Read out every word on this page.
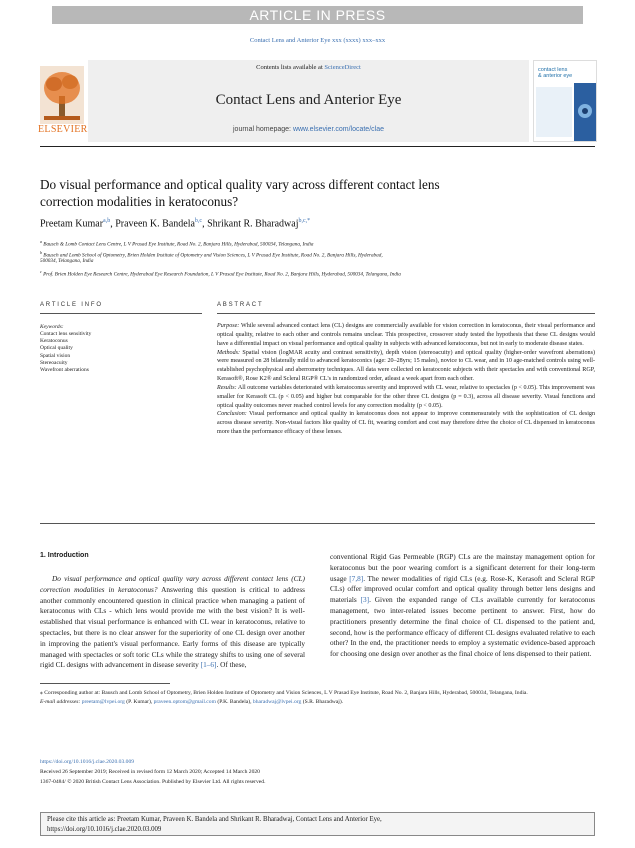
ARTICLE IN PRESS
Contact Lens and Anterior Eye xxx (xxxx) xxx–xxx
ELSEVIER
Contents lists available at ScienceDirect
Contact Lens and Anterior Eye
journal homepage: www.elsevier.com/locate/clae
contact lens
& anterior eye
Do visual performance and optical quality vary across different contact lens
correction modalities in keratoconus?
Preetam Kumar$^{a,b}$, Praveen K. Bandela$^{b,c}$, Shrikant R. Bharadwaj$^{b,c,*}$
$^a$ Bausch & Lomb Contact Lens Centre, L V Prasad Eye Institute, Road No. 2, Banjara Hills, Hyderabad, 500034, Telangana, India
$^b$ Bausch and Lomb School of Optometry, Brien Holden Institute of Optometry and Vision Sciences, L V Prasad Eye Institute, Road No. 2, Banjara Hills, Hyderabad,
500034, Telangana, India
$^c$ Prof. Brien Holden Eye Research Centre, Hyderabad Eye Research Foundation, L V Prasad Eye Institute, Road No. 2, Banjara Hills, Hyderabad, 500034, Telangana, India
ARTICLE INFO	ABSTRACT
Keywords:
Contact lens sensitivity
Keratoconus
Optical quality
Spatial vision
Stereoacuity
Wavefront aberrations

Purpose: While several advanced contact lens (CL) designs are commercially available for vision correction in keratoconus, their visual performance and optical quality, relative to each other and controls remains unclear. This prospective, crossover study tested the hypothesis that these CL designs would have a differential impact on visual performance and optical quality in subjects with advanced keratoconus, but not in early to moderate disease states.

Methods: Spatial vision (logMAR acuity and contrast sensitivity), depth vision (stereoacuity) and optical quality (higher-order wavefront aberrations) were measured on 28 bilaterally mild to advanced keratoconics (age: 20–28yrs; 15 males), novice to CL wear, and in 10 age-matched controls using well-established psychophysical and aberrometry techniques. All data were collected on keratoconic subjects with their spectacles and with conventional RGP, Kerasoft®, Rose K2® and Scleral RGP® CL's in randomized order, atleast a week apart from each other.

Results: All outcome variables deteriorated with keratoconus severity and improved with CL wear, relative to spectacles (p < 0.05). This improvement was smaller for Kerasoft CL (p < 0.05) and higher but comparable for the other three CL designs (p = 0.3), across all disease severity. Visual functions and optical quality outcomes never reached control levels for any correction modality (p < 0.05).

Conclusion: Visual performance and optical quality in keratoconus does not appear to improve commensurately with the sophistication of CL design across disease severity. Non-visual factors like quality of CL fit, wearing comfort and cost may therefore drive the choice of CL dispensed in keratoconus more than the performance efficacy of these lenses.

1. Introduction

Do visual performance and optical quality vary across different contact lens (CL) correction modalities in keratoconus? Answering this question is critical to address another commonly encountered question in clinical practice when managing a patient of keratoconus with CLs - which lens would provide me with the best vision? It is well-established that visual performance is enhanced with CL wear in keratoconus, relative to spectacles, but there is no clear answer for the superiority of one CL design over another in improving the patient's visual performance. Early forms of this disease are typically managed with spectacles or soft toric CLs while the strategy shifts to using one of several rigid CL designs with advancement in disease severity [1–6]. Of these,

conventional Rigid Gas Permeable (RGP) CLs are the mainstay management option for keratoconus but the poor wearing comfort is a significant deterrent for their long-term usage [7,8]. The newer modalities of rigid CLs (e.g. Rose-K, Kerasoft and Scleral RGP CLs) offer improved ocular comfort and optical quality through better lens designs and materials [3]. Given the expanded range of CLs available currently for keratoconus management, two inter-related issues become pertinent to answer. First, how do practitioners presently determine the final choice of CL dispensed to the patient and, second, how is the performance efficacy of different CL designs evaluated relative to each other? In the end, the practitioner needs to employ a systematic evidence-based approach for choosing one design over another as the final choice of lens dispensed to their patient.

⁎ Corresponding author at: Bausch and Lomb School of Optometry, Brien Holden Institute of Optometry and Vision Sciences, L V Prasad Eye Institute, Road No. 2, Banjara Hills, Hyderabad, 500034, Telangana, India.
E-mail addresses: preetam@lvpei.org (P. Kumar), praveen.optom@gmail.com (P.K. Bandela), bharadwaj@lvpei.org (S.R. Bharadwaj).
https://doi.org/10.1016/j.clae.2020.03.009
Received 26 September 2019; Received in revised form 12 March 2020; Accepted 14 March 2020
1367-0484/ © 2020 British Contact Lens Association. Published by Elsevier Ltd. All rights reserved.
Please cite this article as: Preetam Kumar, Praveen K. Bandela and Shrikant R. Bharadwaj, Contact Lens and Anterior Eye,
https://doi.org/10.1016/j.clae.2020.03.009
